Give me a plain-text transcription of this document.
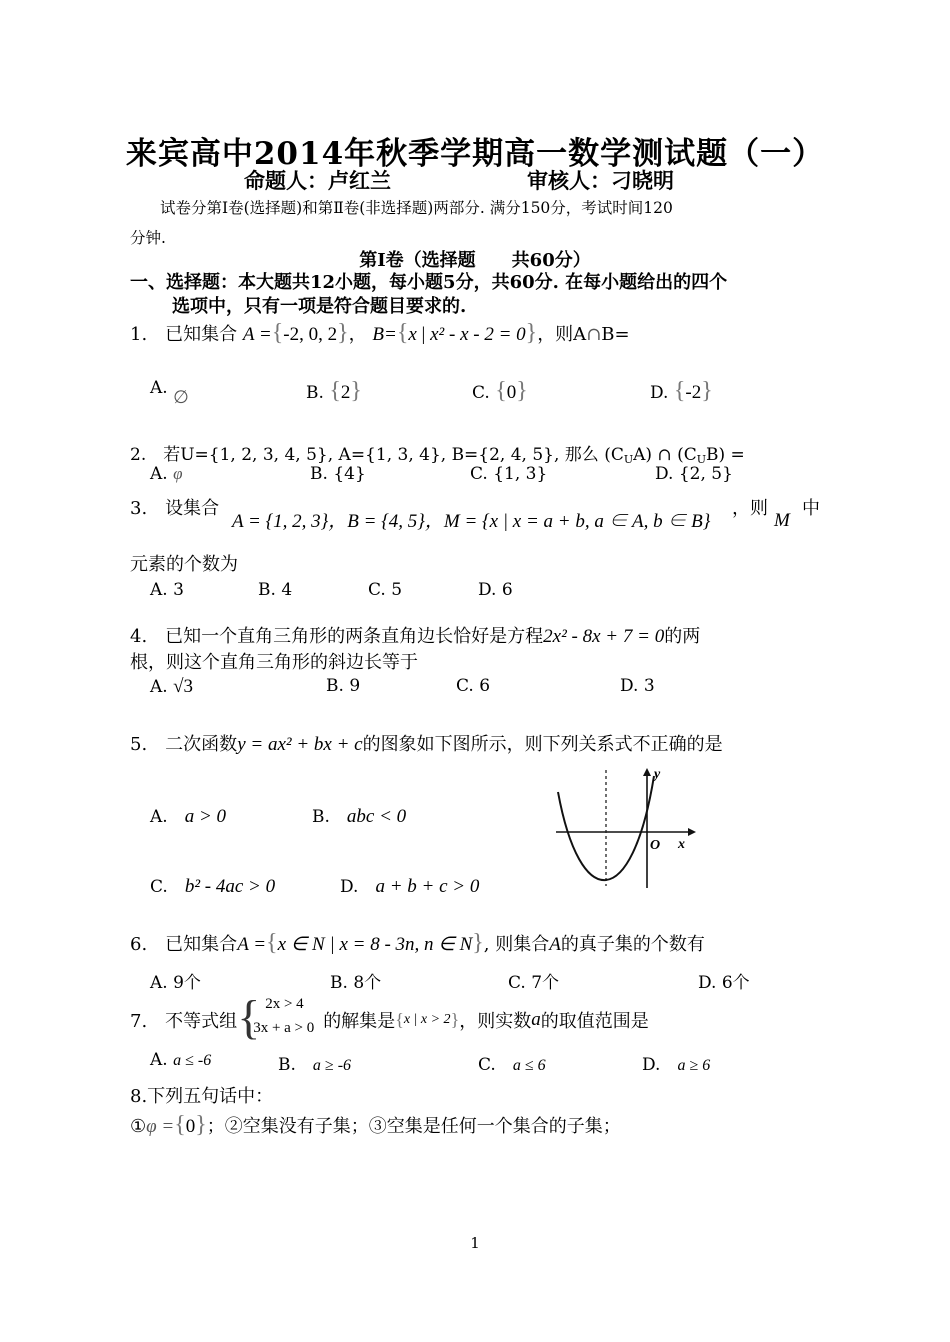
来宾高中2014年秋季学期高一数学测试题（一）
命题人：卢红兰	审核人：刁晓明
试卷分第Ⅰ卷(选择题)和第Ⅱ卷(非选择题)两部分. 满分150分，考试时间120
分钟.
第Ⅰ卷（选择题　　共60分）
一、选择题：本大题共12小题，每小题5分，共60分. 在每小题给出的四个
选项中，只有一项是符合题目要求的.
1.　已知集合 A ={-2, 0, 2}， B={x | x² - x - 2 = 0}，则A∩B=
A. ∅	B. {2}	C. {0}	D. {-2}
2.　若U={1, 2, 3, 4, 5}, A={1, 3, 4}, B={2, 4, 5}, 那么 $(C_UA)$ ∩ $(C_UB)$ =
A. φ	B. {4}	C. {1, 3}	D. {2, 5}
3.　设集合
A = {1, 2, 3}，B = {4, 5}，M = {x | x = a + b, a ∈ A, b ∈ B}
，则
M
中
元素的个数为
A. 3	B. 4	C. 5	D. 6
4.　已知一个直角三角形的两条直角边长恰好是方程2x² - 8x + 7 = 0的两
根，则这个直角三角形的斜边长等于
A. √3	B. 9	C. 6	D. 3
5.　二次函数y = ax² + bx + c的图象如下图所示，则下列关系式不正确的是
A.　 a > 0	B.　 abc < 0
C.　 b² - 4ac > 0	D.　 a + b + c > 0
y
O x
6.　已知集合A ={x ∈ N | x = 8 - 3n, n ∈ N}, 则集合A的真子集的个数有
A. 9个	B. 8个	C. 7个	D. 6个
7.　不等式组 { 2x > 4
3x + a > 0 的解集是{x | x > 2}，则实数a的取值范围是
A. a ≤ -6	B.　 a ≥ -6	C.　 a ≤ 6	D.　 a ≥ 6
8.下列五句话中：
①φ ={0}；②空集没有子集；③空集是任何一个集合的子集；
1
